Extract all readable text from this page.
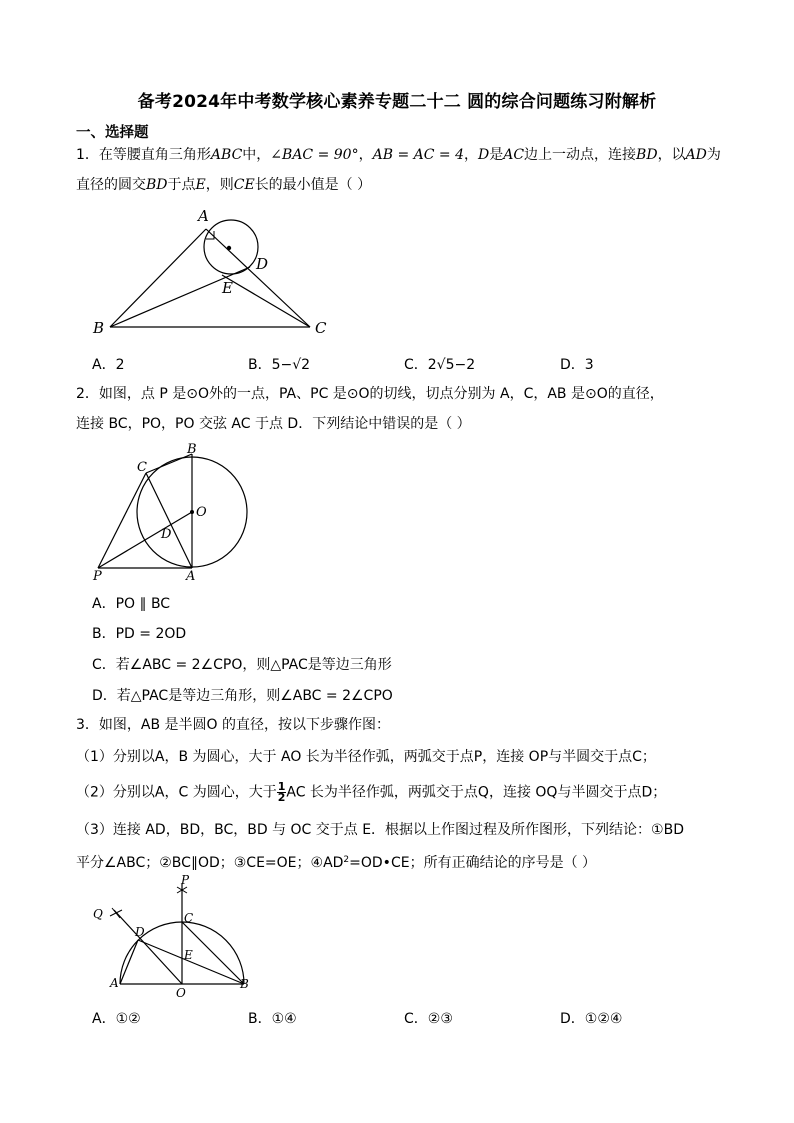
备考2024年中考数学核心素养专题二十二 圆的综合问题练习附解析
一、选择题
1．在等腰直角三角形ABC中，∠BAC = 90°，AB = AC = 4，D是AC边上一动点，连接BD，以AD为
直径的圆交BD于点E，则CE长的最小值是（ ）
A
B	C
D
E
A．2	B．5−√2	C．2√5−2	D．3
2．如图，点 P 是⊙O外的一点，PA、PC 是⊙O的切线，切点分别为 A，C，AB 是⊙O的直径，
连接 BC，PO，PO 交弦 AC 于点 D．下列结论中错误的是（ ）
B
C
O
D
P	A
A．PO ∥ BC
B．PD = 2OD
C．若∠ABC = 2∠CPO，则△PAC是等边三角形
D．若△PAC是等边三角形，则∠ABC = 2∠CPO
3．如图，AB 是半圆O 的直径，按以下步骤作图：
（1）分别以A，B 为圆心，大于 AO 长为半径作弧，两弧交于点P，连接 OP与半圆交于点C；
（2）分别以A，C 为圆心，大于 $\frac{1}{2}$ AC 长为半径作弧，两弧交于点Q，连接 OQ与半圆交于点D；
（3）连接 AD，BD，BC，BD 与 OC 交于点 E．根据以上作图过程及所作图形，下列结论：①BD
平分∠ABC；②BC∥OD；③CE=OE；$④AD^2=OD•CE$；所有正确结论的序号是（ ）
P
Q	C
D
E
A
O
B
A．①②	B．①④	C．②③	D．①②④
